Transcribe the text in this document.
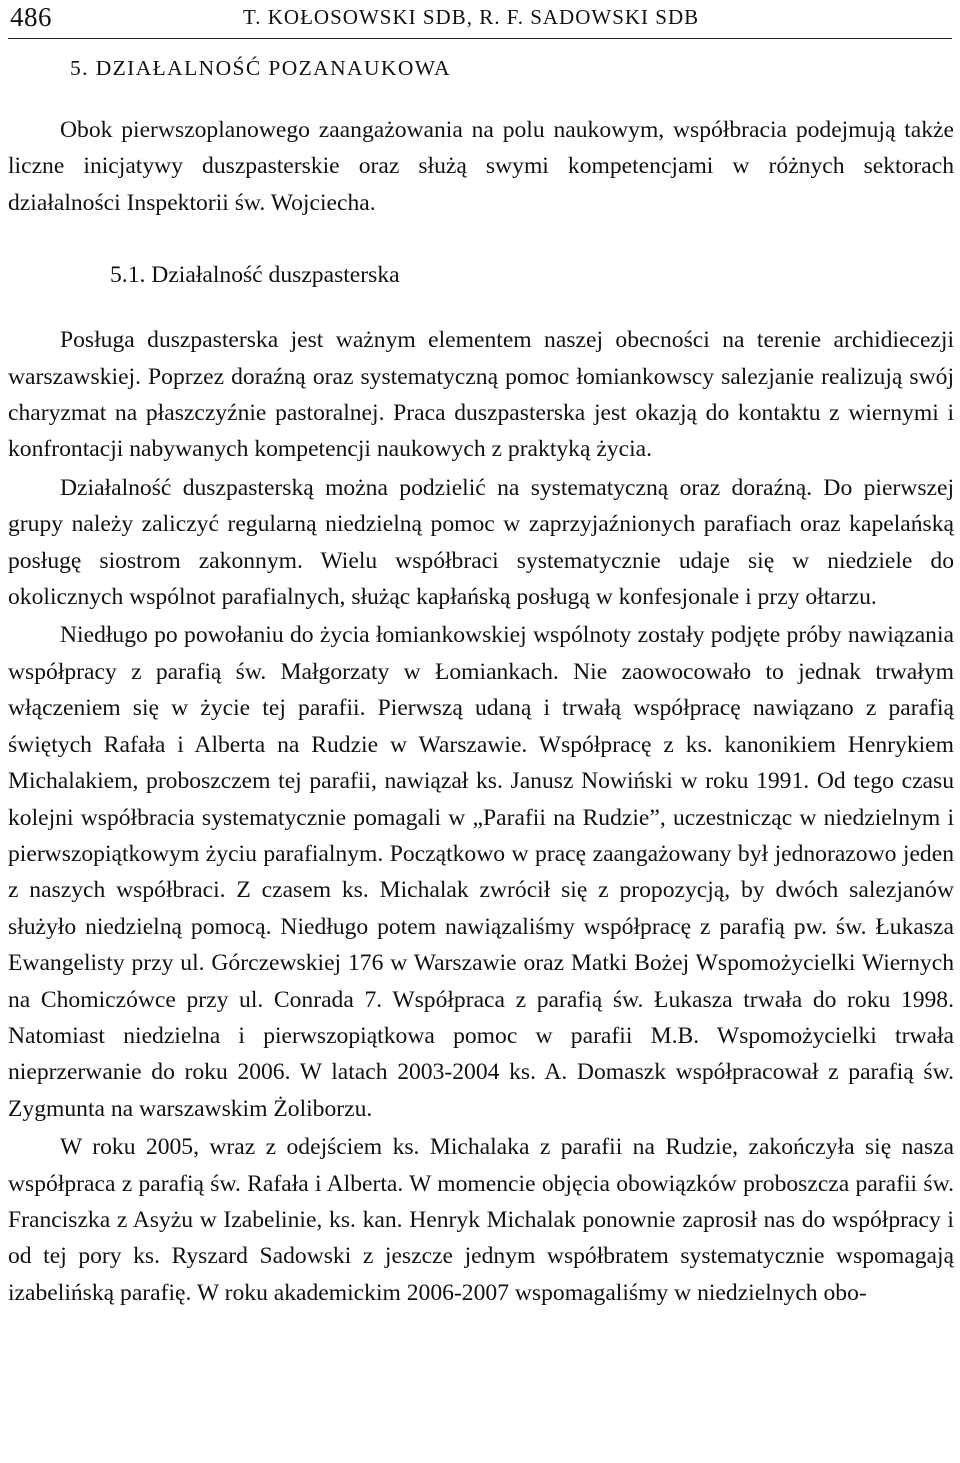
486	T. KOŁOSOWSKI SDB, R. F. SADOWSKI SDB
5. DZIAŁALNOŚĆ POZANAUKOWA

Obok pierwszoplanowego zaangażowania na polu naukowym, współbracia podejmują także liczne inicjatywy duszpasterskie oraz służą swymi kompetencjami w różnych sektorach działalności Inspektorii św. Wojciecha.

5.1. Działalność duszpasterska

Posługa duszpasterska jest ważnym elementem naszej obecności na terenie archidiecezji warszawskiej. Poprzez doraźną oraz systematyczną pomoc łomiankowscy salezjanie realizują swój charyzmat na płaszczyźnie pastoralnej. Praca duszpasterska jest okazją do kontaktu z wiernymi i konfrontacji nabywanych kompetencji naukowych z praktyką życia.

Działalność duszpasterską można podzielić na systematyczną oraz doraźną. Do pierwszej grupy należy zaliczyć regularną niedzielną pomoc w zaprzyjaźnionych parafiach oraz kapelańską posługę siostrom zakonnym. Wielu współbraci systematycznie udaje się w niedziele do okolicznych wspólnot parafialnych, służąc kapłańską posługą w konfesjonale i przy ołtarzu.

Niedługo po powołaniu do życia łomiankowskiej wspólnoty zostały podjęte próby nawiązania współpracy z parafią św. Małgorzaty w Łomiankach. Nie zaowocowało to jednak trwałym włączeniem się w życie tej parafii. Pierwszą udaną i trwałą współpracę nawiązano z parafią świętych Rafała i Alberta na Rudzie w Warszawie. Współpracę z ks. kanonikiem Henrykiem Michalakiem, proboszczem tej parafii, nawiązał ks. Janusz Nowiński w roku 1991. Od tego czasu kolejni współbracia systematycznie pomagali w „Parafii na Rudzie”, uczestnicząc w niedzielnym i pierwszopiątkowym życiu parafialnym. Początkowo w pracę zaangażowany był jednorazowo jeden z naszych współbraci. Z czasem ks. Michalak zwrócił się z propozycją, by dwóch salezjanów służyło niedzielną pomocą. Niedługo potem nawiązaliśmy współpracę z parafią pw. św. Łukasza Ewangelisty przy ul. Górczewskiej 176 w Warszawie oraz Matki Bożej Wspomożycielki Wiernych na Chomiczówce przy ul. Conrada 7. Współpraca z parafią św. Łukasza trwała do roku 1998. Natomiast niedzielna i pierwszopiątkowa pomoc w parafii M.B. Wspomożycielki trwała nieprzerwanie do roku 2006. W latach 2003-2004 ks. A. Domaszk współpracował z parafią św. Zygmunta na warszawskim Żoliborzu.

W roku 2005, wraz z odejściem ks. Michalaka z parafii na Rudzie, zakończyła się nasza współpraca z parafią św. Rafała i Alberta. W momencie objęcia obowiązków proboszcza parafii św. Franciszka z Asyżu w Izabelinie, ks. kan. Henryk Michalak ponownie zaprosił nas do współpracy i od tej pory ks. Ryszard Sadowski z jeszcze jednym współbratem systematycznie wspomagają izabelińską parafię. W roku akademickim 2006-2007 wspomagaliśmy w niedzielnych obo-
